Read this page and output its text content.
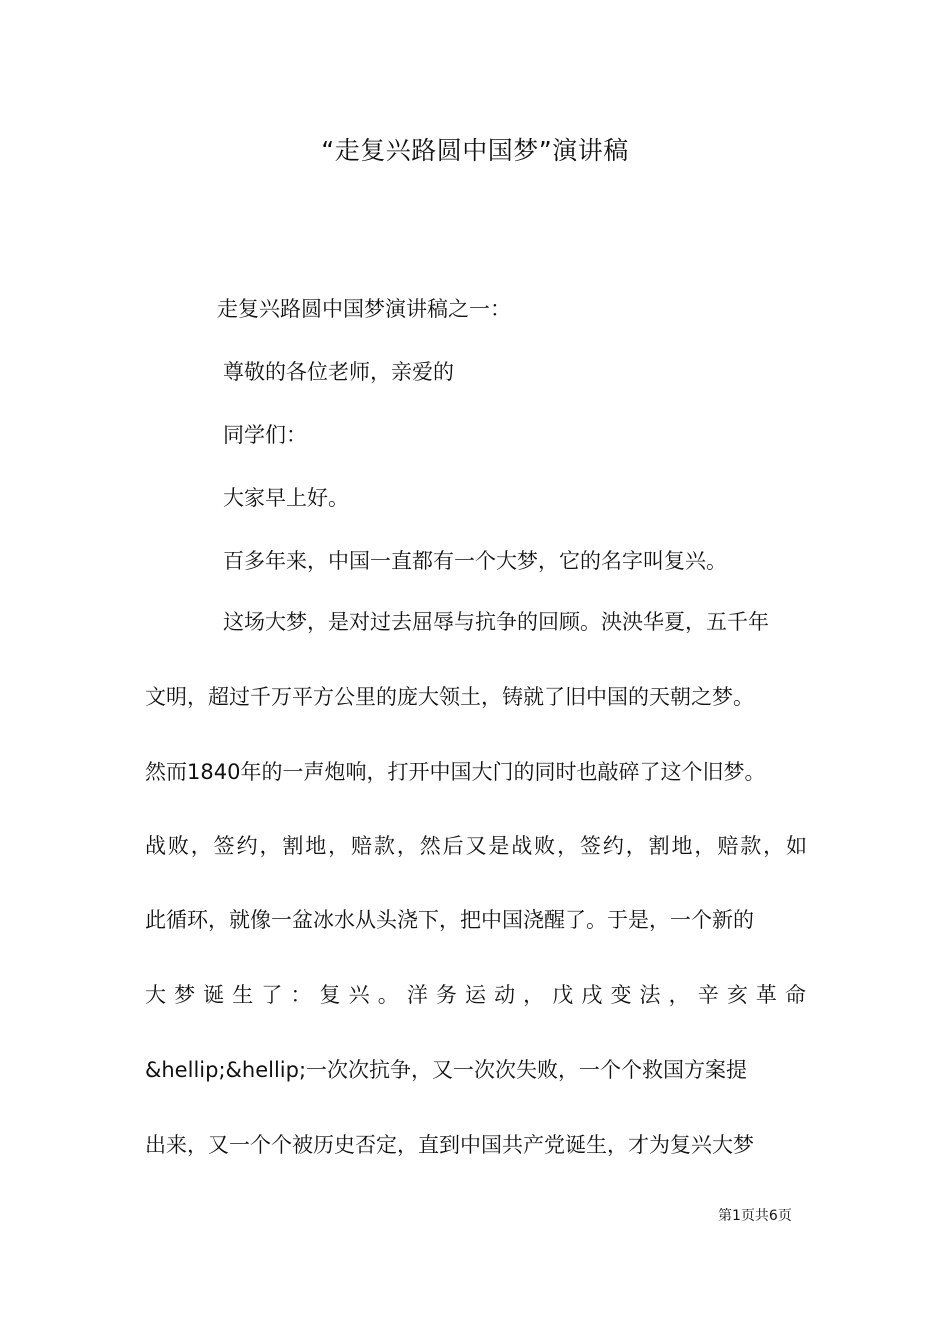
“走复兴路圆中国梦”演讲稿
走复兴路圆中国梦演讲稿之一：
尊敬的各位老师，亲爱的
同学们：
大家早上好。
百多年来，中国一直都有一个大梦，它的名字叫复兴。
这场大梦，是对过去屈辱与抗争的回顾。泱泱华夏，五千年
文明，超过千万平方公里的庞大领土，铸就了旧中国的天朝之梦。
然而1840年的一声炮响，打开中国大门的同时也敲碎了这个旧梦。
战败，签约，割地，赔款，然后又是战败，签约，割地，赔款，如
此循环，就像一盆冰水从头浇下，把中国浇醒了。于是，一个新的
大梦诞生了：复兴。洋务运动，戊戌变法，辛亥革命
&hellip;&hellip;一次次抗争，又一次次失败，一个个救国方案提
出来，又一个个被历史否定，直到中国共产党诞生，才为复兴大梦
第1页共6页
